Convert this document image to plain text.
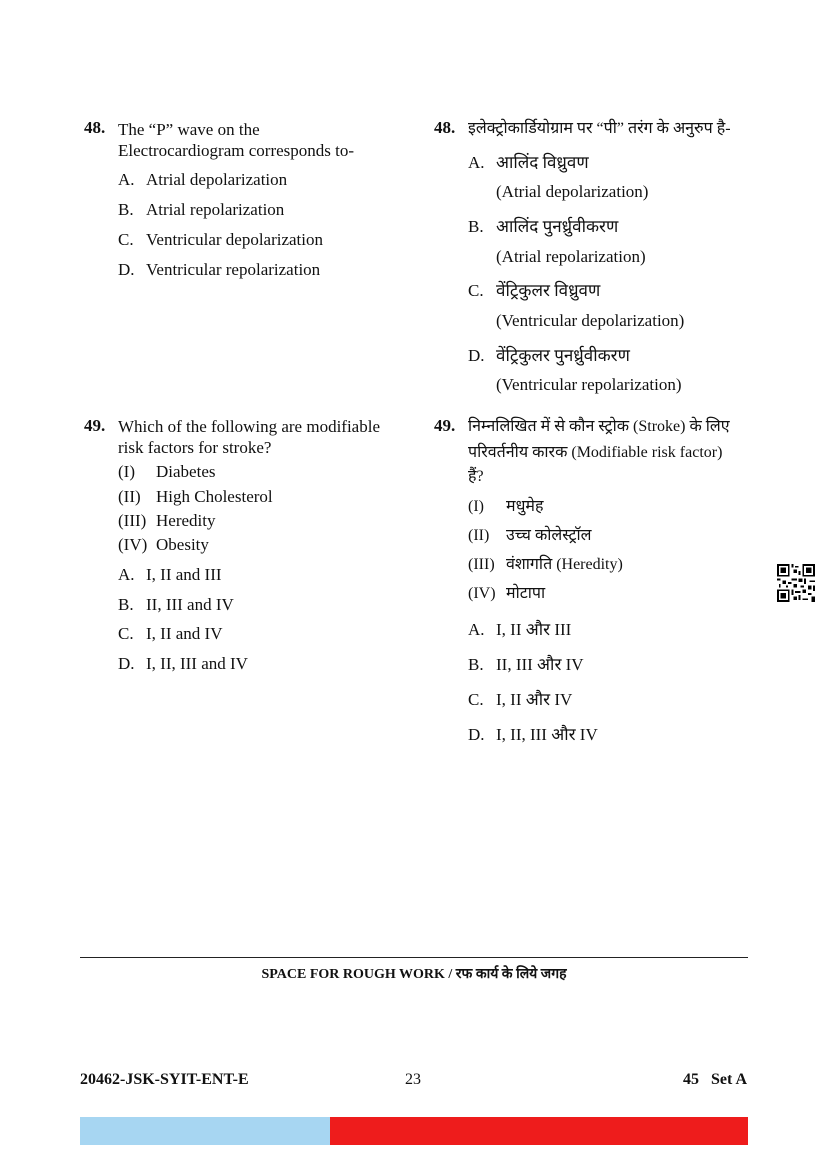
48. The “P” wave on the
Electrocardiogram corresponds to-
A. Atrial depolarization
B. Atrial repolarization
C. Ventricular depolarization
D. Ventricular repolarization
48. इलेक्ट्रोकार्डियोग्राम पर “पी” तरंग के अनुरुप है-
A. आलिंद विध्रुवण
(Atrial depolarization)
B. आलिंद पुनर्ध्रुवीकरण
(Atrial repolarization)
C. वेंट्रिकुलर विध्रुवण
(Ventricular depolarization)
D. वेंट्रिकुलर पुनर्ध्रुवीकरण
(Ventricular repolarization)
49. Which of the following are modifiable
risk factors for stroke?
(I) Diabetes
(II) High Cholesterol
(III) Heredity
(IV) Obesity
A. I, II and III
B. II, III and IV
C. I, II and IV
D. I, II, III and IV
49. निम्नलिखित में से कौन स्ट्रोक (Stroke) के लिए
परिवर्तनीय कारक (Modifiable risk factor)
हैं?
(I) मधुमेह
(II) उच्च कोलेस्ट्रॉल
(III) वंशागति (Heredity)
(IV) मोटापा
A. I, II और III
B. II, III और IV
C. I, II और IV
D. I, II, III और IV
SPACE FOR ROUGH WORK / रफ कार्य के लिये जगह
20462-JSK-SYIT-ENT-E	23	45   Set A
